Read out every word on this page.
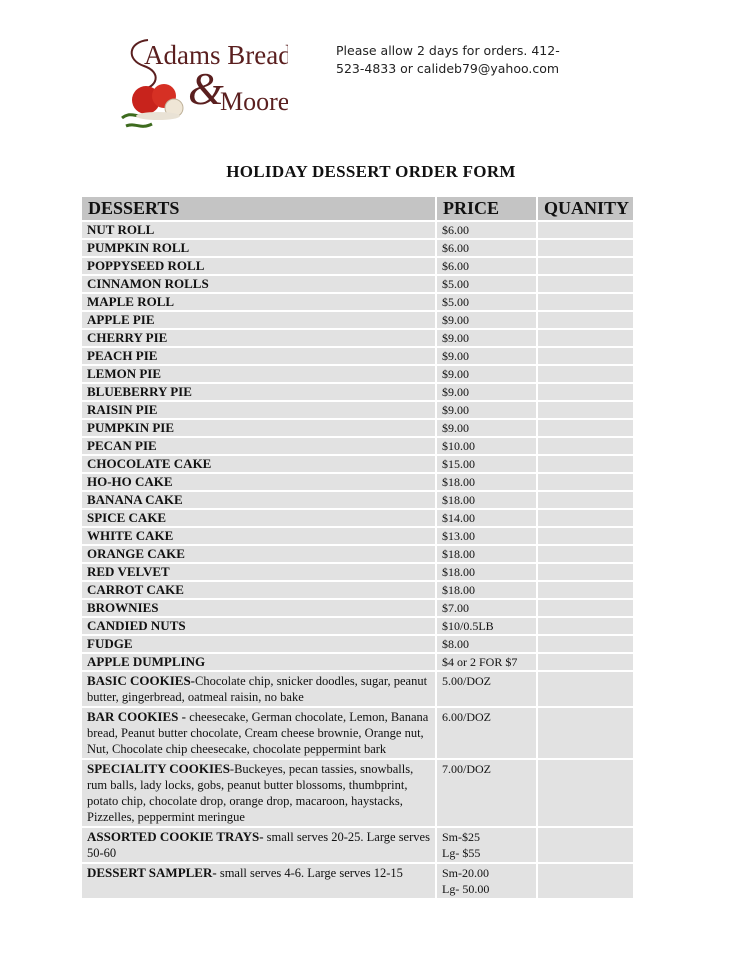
Adams Breads
&
Moore
Please allow 2 days for orders. 412-523-4833 or calideb79@yahoo.com
HOLIDAY DESSERT ORDER FORM
DESSERTS	PRICE	QUANITY
NUT ROLL	$6.00	

PUMPKIN ROLL	$6.00	

POPPYSEED ROLL	$6.00	

CINNAMON ROLLS	$5.00	

MAPLE ROLL	$5.00	

APPLE PIE	$9.00	

CHERRY PIE	$9.00	

PEACH PIE	$9.00	

LEMON PIE	$9.00	

BLUEBERRY PIE	$9.00	

RAISIN PIE	$9.00	

PUMPKIN PIE	$9.00	

PECAN PIE	$10.00	

CHOCOLATE CAKE	$15.00	

HO-HO CAKE	$18.00	

BANANA CAKE	$18.00	

SPICE CAKE	$14.00	

WHITE CAKE	$13.00	

ORANGE CAKE	$18.00	

RED VELVET	$18.00	

CARROT CAKE	$18.00	

BROWNIES	$7.00	

CANDIED NUTS	$10/0.5LB	

FUDGE	$8.00	

APPLE DUMPLING	$4 or 2 FOR $7	

BASIC COOKIES-Chocolate chip, snicker doodles, sugar, peanut butter, gingerbread, oatmeal raisin, no bake	5.00/DOZ	

BAR COOKIES - cheesecake, German chocolate, Lemon, Banana bread, Peanut butter chocolate, Cream cheese brownie, Orange nut, Nut, Chocolate chip cheesecake, chocolate peppermint bark	6.00/DOZ	

SPECIALITY COOKIES-Buckeyes, pecan tassies, snowballs, rum balls, lady locks, gobs, peanut butter blossoms, thumbprint, potato chip, chocolate drop, orange drop, macaroon, haystacks, Pizzelles, peppermint meringue	7.00/DOZ	

ASSORTED COOKIE TRAYS- small serves 20-25. Large serves 50-60	Sm-$25
Lg- $55	

DESSERT SAMPLER- small serves 4-6. Large serves 12-15	Sm-20.00
Lg- 50.00	
